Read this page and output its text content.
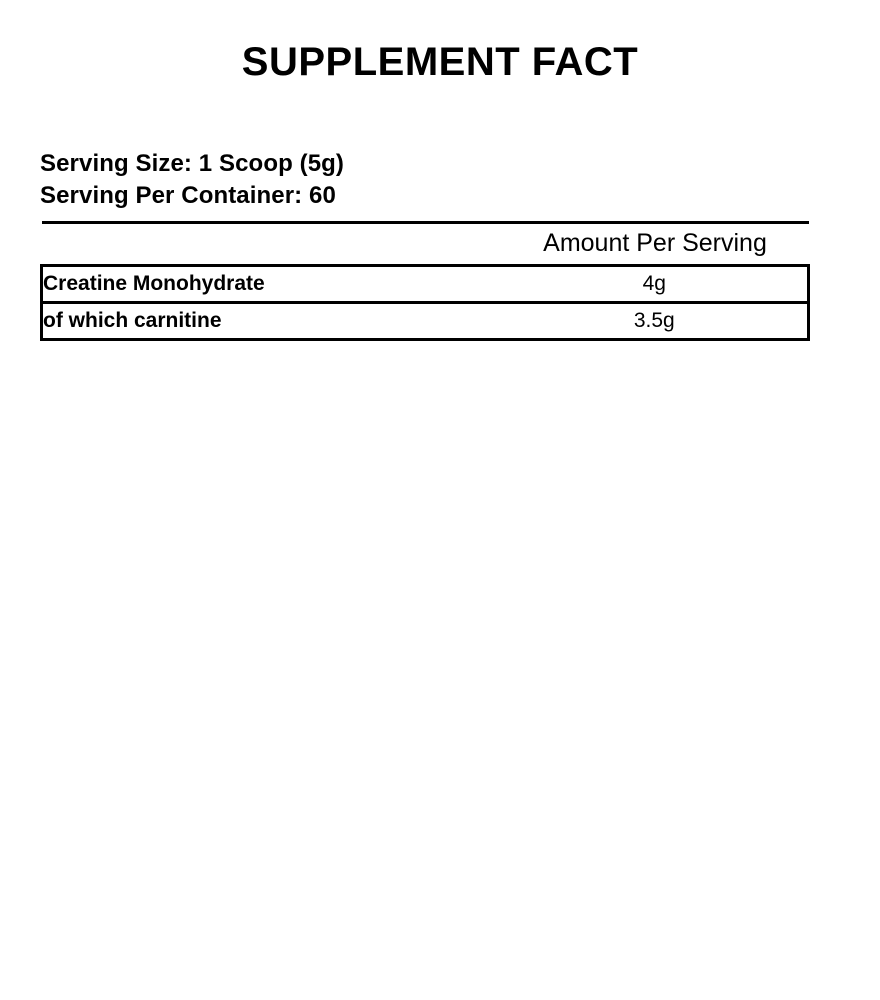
SUPPLEMENT FACT
Serving Size: 1 Scoop (5g)
Serving Per Container: 60
	Amount Per Serving
Creatine Monohydrate	4g
of which carnitine	3.5g
